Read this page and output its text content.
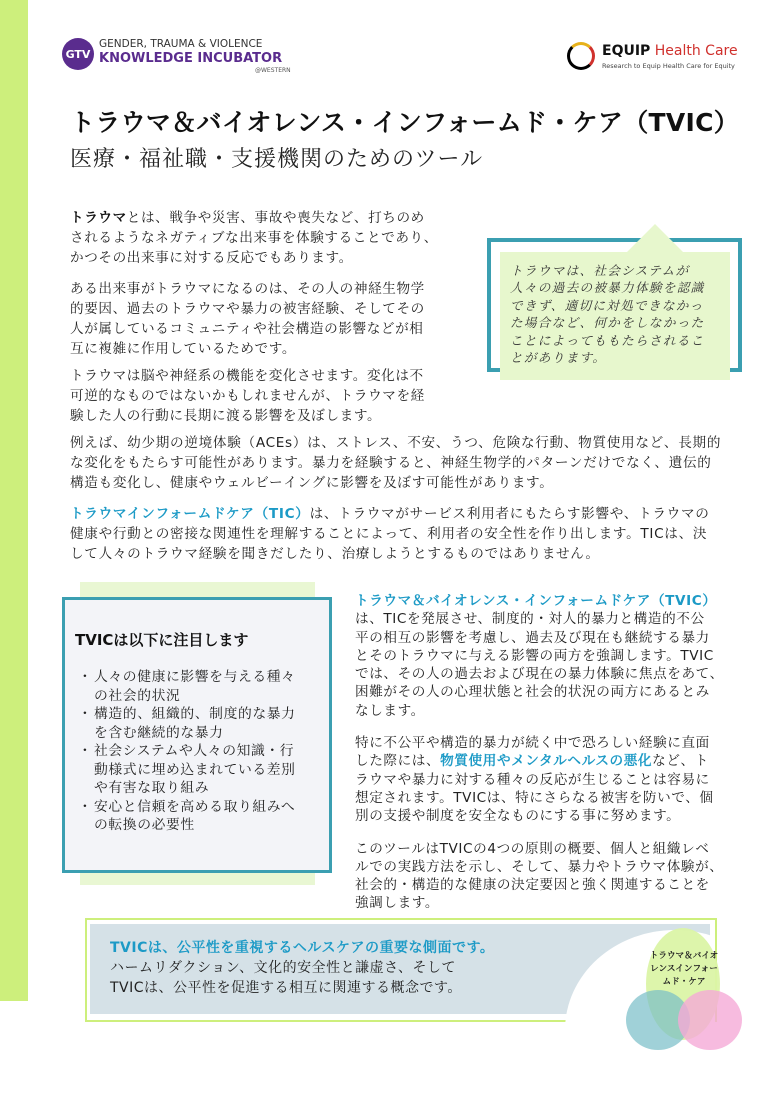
GTV
GENDER, TRAUMA & VIOLENCE
KNOWLEDGE INCUBATOR
@WESTERN
EQUIP Health Care
Research to Equip Health Care for Equity
トラウマ＆バイオレンス・インフォームド・ケア（TVIC）
医療・福祉職・支援機関のためのツール
トラウマとは、戦争や災害、事故や喪失など、打ちのめ
されるようなネガティブな出来事を体験することであり、
かつその出来事に対する反応でもあります。
ある出来事がトラウマになるのは、その人の神経生物学
的要因、過去のトラウマや暴力の被害経験、そしてその
人が属しているコミュニティや社会構造の影響などが相
互に複雑に作用しているためです。
トラウマは脳や神経系の機能を変化させます。変化は不
可逆的なものではないかもしれませんが、トラウマを経
験した人の行動に長期に渡る影響を及ぼします。
トラウマは、社会システムが
人々の過去の被暴力体験を認識
できず、適切に対処できなかっ
た場合など、何かをしなかった
ことによってももたらされるこ
とがあります。
例えば、幼少期の逆境体験（ACEs）は、ストレス、不安、うつ、危険な行動、物質使用など、長期的
な変化をもたらす可能性があります。暴力を経験すると、神経生物学的パターンだけでなく、遺伝的
構造も変化し、健康やウェルビーイングに影響を及ぼす可能性があります。
トラウマインフォームドケア（TIC）は、トラウマがサービス利用者にもたらす影響や、トラウマの
健康や行動との密接な関連性を理解することによって、利用者の安全性を作り出します。TICは、決
して人々のトラウマ経験を聞きだしたり、治療しようとするものではありません。
TVICは以下に注目します
・ 人々の健康に影響を与える種々
の社会的状況
・ 構造的、組織的、制度的な暴力
を含む継続的な暴力
・ 社会システムや人々の知識・行
動様式に埋め込まれている差別
や有害な取り組み
・ 安心と信頼を高める取り組みへ
の転換の必要性
トラウマ＆バイオレンス・インフォームドケア（TVIC）
は、TICを発展させ、制度的・対人的暴力と構造的不公
平の相互の影響を考慮し、過去及び現在も継続する暴力
とそのトラウマに与える影響の両方を強調します。TVIC
では、その人の過去および現在の暴力体験に焦点をあて、
困難がその人の心理状態と社会的状況の両方にあるとみ
なします。
特に不公平や構造的暴力が続く中で恐ろしい経験に直面
した際には、物質使用やメンタルヘルスの悪化など、ト
ラウマや暴力に対する種々の反応が生じることは容易に
想定されます。TVICは、特にさらなる被害を防いで、個
別の支援や制度を安全なものにする事に努めます。
このツールはTVICの4つの原則の概要、個人と組織レベ
ルでの実践方法を示し、そして、暴力やトラウマ体験が、
社会的・構造的な健康の決定要因と強く関連することを
強調します。
トラウマ＆バイオ
レンスインフォー
ムド・ケア
TVICは、公平性を重視するヘルスケアの重要な側面です。
ハームリダクション、文化的安全性と謙虚さ、そして
TVICは、公平性を促進する相互に関連する概念です。
